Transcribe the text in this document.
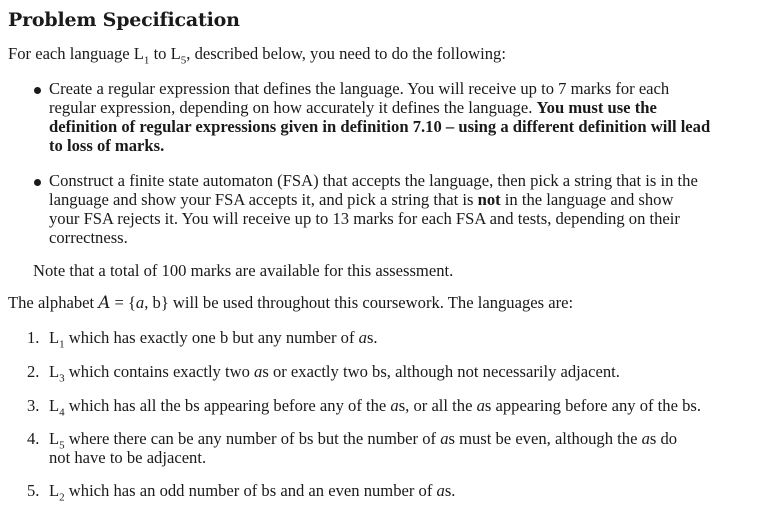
Problem Specification
For each language $L_1$ to $L_5$, described below, you need to do the following:
Create a regular expression that defines the language. You will receive up to 7 marks for each
regular expression, depending on how accurately it defines the language. You must use the
definition of regular expressions given in definition 7.10 – using a different definition will lead
to loss of marks.
Construct a finite state automaton (FSA) that accepts the language, then pick a string that is in the
language and show your FSA accepts it, and pick a string that is not in the language and show
your FSA rejects it. You will receive up to 13 marks for each FSA and tests, depending on their
correctness.
Note that a total of 100 marks are available for this assessment.
The alphabet A = {a, b} will be used throughout this coursework. The languages are:
1. $L_1$ which has exactly one b but any number of as.
2. $L_3$ which contains exactly two as or exactly two bs, although not necessarily adjacent.
3. $L_4$ which has all the bs appearing before any of the as, or all the as appearing before any of the bs.
4. $L_5$ where there can be any number of bs but the number of as must be even, although the as do
not have to be adjacent.
5. $L_2$ which has an odd number of bs and an even number of as.
